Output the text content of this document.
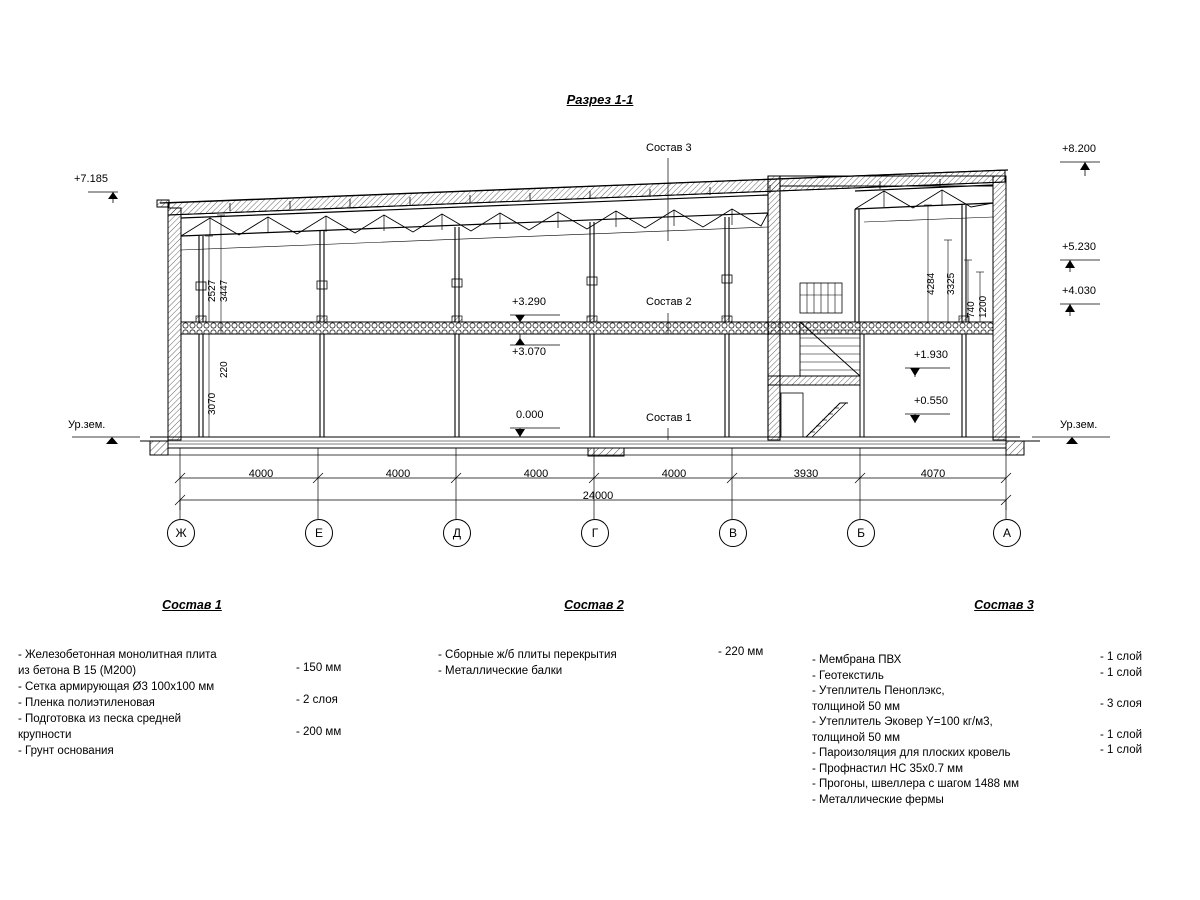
Разрез 1-1
Состав 3
Состав 2
Состав 1
+7.185
+8.200
+5.230
+4.030
+3.290
+3.070	+1.930
+0.550
0.000
Ур.зем.	Ур.зем.
2527 3447
3070
220
4284 3325
740 1200
4000	4000	4000	4000	3930	4070
24000
Ж	Е	Д	Г	В	Б	А
Состав 1
- Железобетонная монолитная плита
из бетона В 15 (М200)	- 150 мм
- Сетка армирующая Ø3 100х100 мм
- Пленка полиэтиленовая	- 2 слоя
- Подготовка из песка средней
крупности	- 200 мм
- Грунт основания
Состав 2
- Сборные ж/б плиты перекрытия	- 220 мм
- Металлические балки
Состав 3
- Мембрана ПВХ	- 1 слой
- Геотекстиль	- 1 слой
- Утеплитель Пеноплэкс,
толщиной 50 мм	- 3 слоя
- Утеплитель Эковер Y=100 кг/м3,
толщиной 50 мм	- 1 слой
- Пароизоляция для плоских кровель	- 1 слой
- Профнастил НС 35х0.7 мм
- Прогоны, швеллера с шагом 1488 мм
- Металлические фермы
